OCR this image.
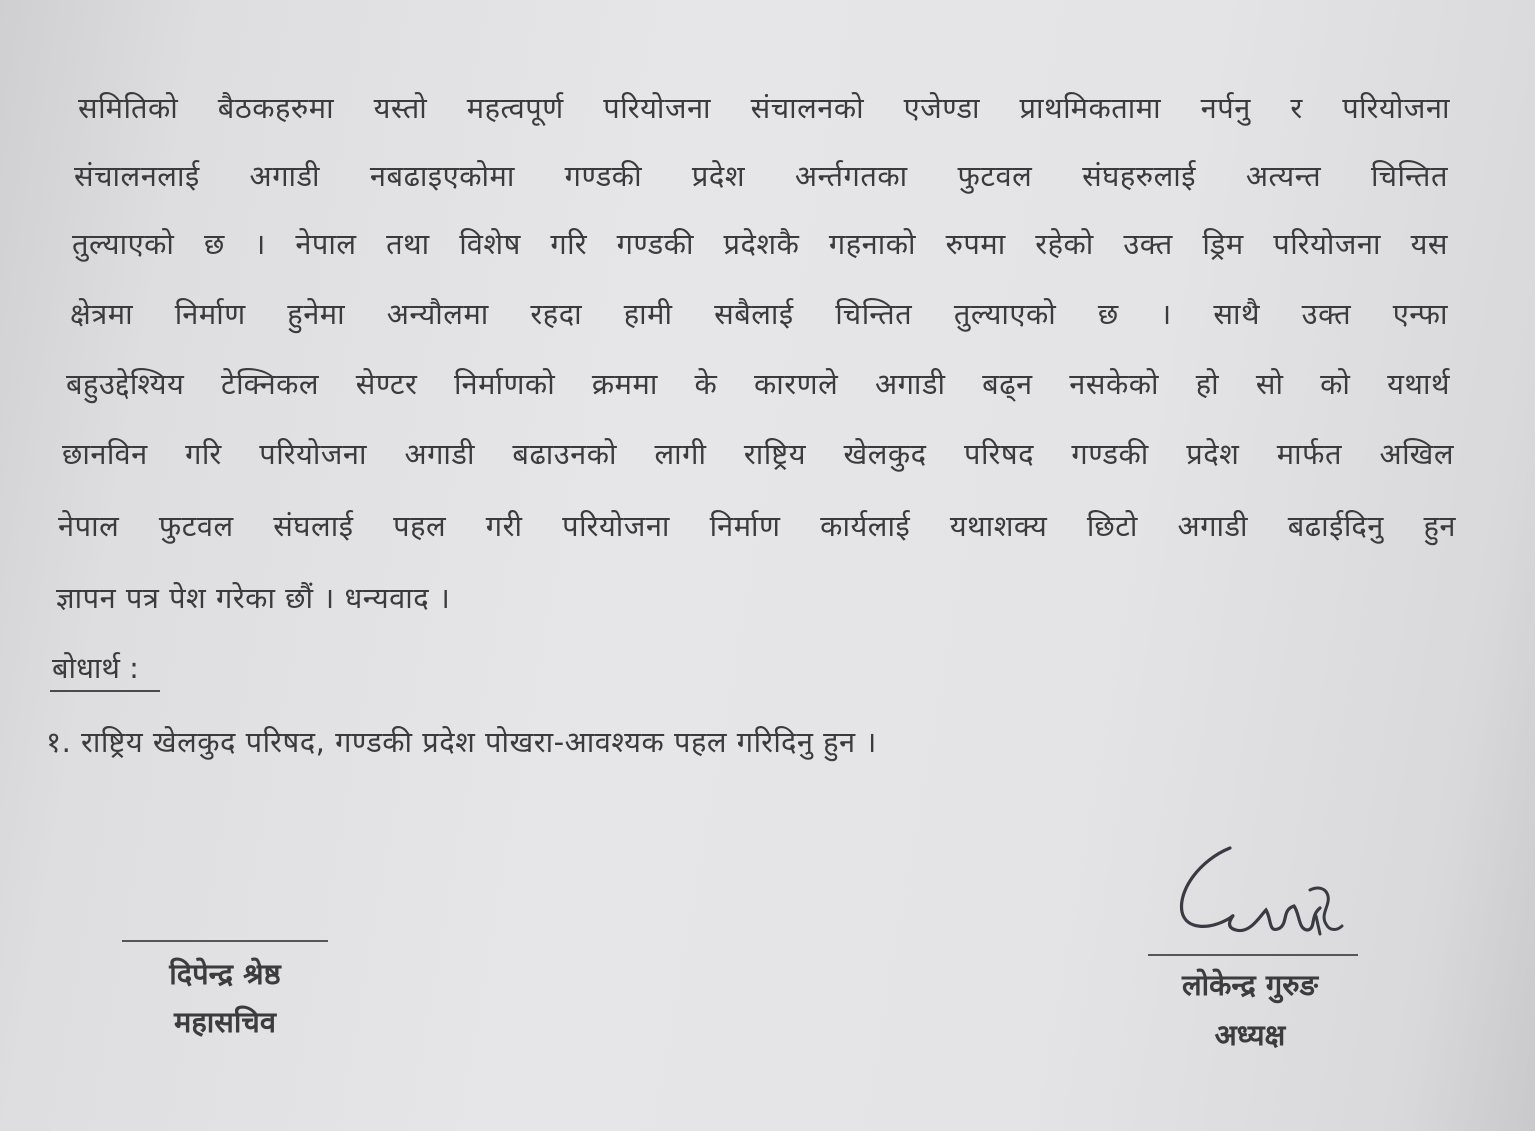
समितिको बैठकहरुमा यस्तो महत्वपूर्ण परियोजना संचालनको एजेण्डा प्राथमिकतामा नर्पनु र परियोजना
संचालनलाई अगाडी नबढाइएकोमा गण्डकी प्रदेश अर्न्तगतका फुटवल संघहरुलाई अत्यन्त चिन्तित
तुल्याएको छ । नेपाल तथा विशेष गरि गण्डकी प्रदेशकै गहनाको रुपमा रहेको उक्त ड्रिम परियोजना यस
क्षेत्रमा निर्माण हुनेमा अन्यौलमा रहदा हामी सबैलाई चिन्तित तुल्याएको छ । साथै उक्त एन्फा
बहुउद्देश्यिय टेक्निकल सेण्टर निर्माणको क्रममा के कारणले अगाडी बढ्न नसकेको हो सो को यथार्थ
छानविन गरि परियोजना अगाडी बढाउनको लागी राष्ट्रिय खेलकुद परिषद गण्डकी प्रदेश मार्फत अखिल
नेपाल फुटवल संघलाई पहल गरी परियोजना निर्माण कार्यलाई यथाशक्य छिटो अगाडी बढाईदिनु हुन
ज्ञापन पत्र पेश गरेका छौं । धन्यवाद ।
बोधार्थ :
१. राष्ट्रिय खेलकुद परिषद, गण्डकी प्रदेश पोखरा-आवश्यक पहल गरिदिनु हुन ।
दिपेन्द्र श्रेष्ठ
महासचिव
लोकेन्द्र गुरुङ
अध्यक्ष
